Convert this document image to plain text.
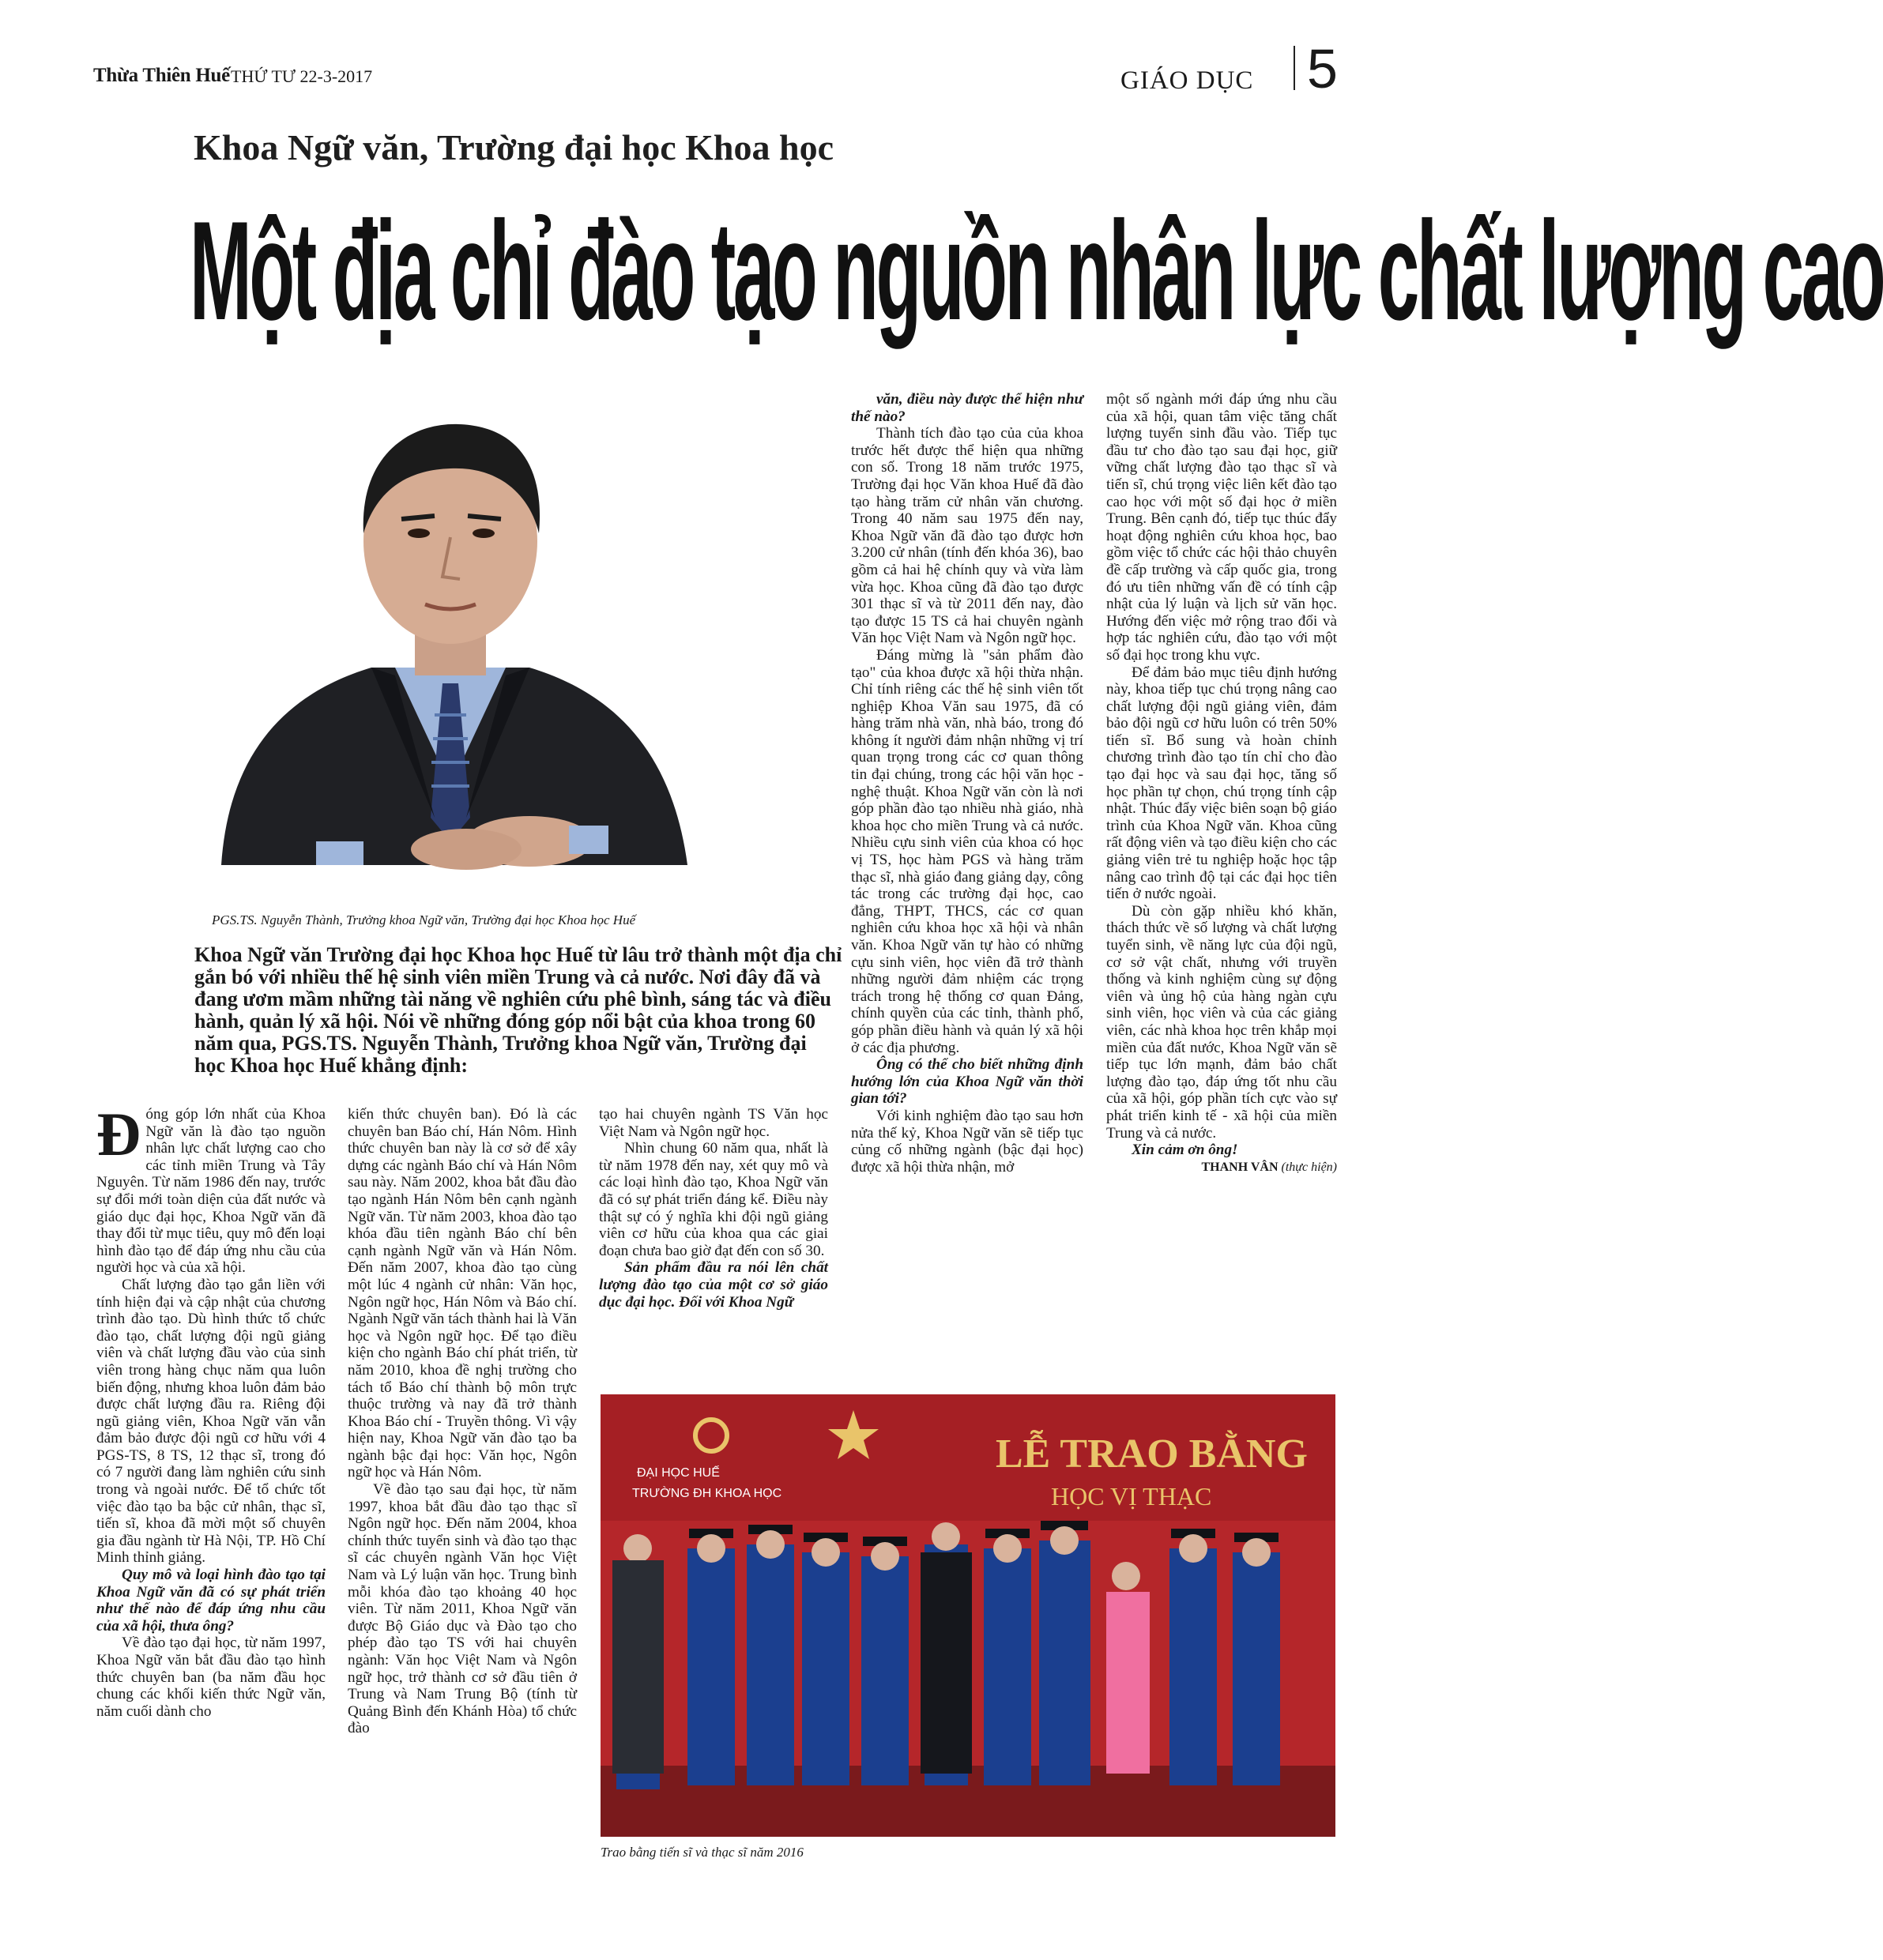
Thừa Thiên Huế THỨ TƯ 22-3-2017	GIÁO DỤC 5
Khoa Ngữ văn, Trường đại học Khoa học
Một địa chỉ đào tạo nguồn nhân lực chất lượng cao
PGS.TS. Nguyễn Thành, Trưởng khoa Ngữ văn, Trường đại học Khoa học Huế
Khoa Ngữ văn Trường đại học Khoa học Huế từ lâu trở thành một địa chỉ gắn bó với nhiều thế hệ sinh viên miền Trung và cả nước. Nơi đây đã và đang ươm mầm những tài năng về nghiên cứu phê bình, sáng tác và điều hành, quản lý xã hội. Nói về những đóng góp nổi bật của khoa trong 60 năm qua, PGS.TS. Nguyễn Thành, Trưởng khoa Ngữ văn, Trường đại học Khoa học Huế khẳng định:

Đóng góp lớn nhất của Khoa Ngữ văn là đào tạo nguồn nhân lực chất lượng cao cho các tỉnh miền Trung và Tây Nguyên. Từ năm 1986 đến nay, trước sự đổi mới toàn diện của đất nước và giáo dục đại học, Khoa Ngữ văn đã thay đổi từ mục tiêu, quy mô đến loại hình đào tạo để đáp ứng nhu cầu của người học và của xã hội.

Chất lượng đào tạo gắn liền với tính hiện đại và cập nhật của chương trình đào tạo. Dù hình thức tổ chức đào tạo, chất lượng đội ngũ giảng viên và chất lượng đầu vào của sinh viên trong hàng chục năm qua luôn biến động, nhưng khoa luôn đảm bảo được chất lượng đầu ra. Riêng đội ngũ giảng viên, Khoa Ngữ văn vẫn đảm bảo được đội ngũ cơ hữu với 4 PGS-TS, 8 TS, 12 thạc sĩ, trong đó có 7 người đang làm nghiên cứu sinh trong và ngoài nước. Để tổ chức tốt việc đào tạo ba bậc cử nhân, thạc sĩ, tiến sĩ, khoa đã mời một số chuyên gia đầu ngành từ Hà Nội, TP. Hồ Chí Minh thỉnh giảng.

Quy mô và loại hình đào tạo tại Khoa Ngữ văn đã có sự phát triển như thế nào để đáp ứng nhu cầu của xã hội, thưa ông?

Về đào tạo đại học, từ năm 1997, Khoa Ngữ văn bắt đầu đào tạo hình thức chuyên ban (ba năm đầu học chung các khối kiến thức Ngữ văn, năm cuối dành cho

kiến thức chuyên ban). Đó là các chuyên ban Báo chí, Hán Nôm. Hình thức chuyên ban này là cơ sở để xây dựng các ngành Báo chí và Hán Nôm sau này. Năm 2002, khoa bắt đầu đào tạo ngành Hán Nôm bên cạnh ngành Ngữ văn. Từ năm 2003, khoa đào tạo khóa đầu tiên ngành Báo chí bên cạnh ngành Ngữ văn và Hán Nôm. Đến năm 2007, khoa đào tạo cùng một lúc 4 ngành cử nhân: Văn học, Ngôn ngữ học, Hán Nôm và Báo chí. Ngành Ngữ văn tách thành hai là Văn học và Ngôn ngữ học. Để tạo điều kiện cho ngành Báo chí phát triển, từ năm 2010, khoa đề nghị trường cho tách tổ Báo chí thành bộ môn trực thuộc trường và nay đã trở thành Khoa Báo chí - Truyền thông. Vì vậy hiện nay, Khoa Ngữ văn đào tạo ba ngành bậc đại học: Văn học, Ngôn ngữ học và Hán Nôm.

Về đào tạo sau đại học, từ năm 1997, khoa bắt đầu đào tạo thạc sĩ Ngôn ngữ học. Đến năm 2004, khoa chính thức tuyển sinh và đào tạo thạc sĩ các chuyên ngành Văn học Việt Nam và Lý luận văn học. Trung bình mỗi khóa đào tạo khoảng 40 học viên. Từ năm 2011, Khoa Ngữ văn được Bộ Giáo dục và Đào tạo cho phép đào tạo TS với hai chuyên ngành: Văn học Việt Nam và Ngôn ngữ học, trở thành cơ sở đầu tiên ở Trung và Nam Trung Bộ (tính từ Quảng Bình đến Khánh Hòa) tổ chức đào

tạo hai chuyên ngành TS Văn học Việt Nam và Ngôn ngữ học.

Nhìn chung 60 năm qua, nhất là từ năm 1978 đến nay, xét quy mô và các loại hình đào tạo, Khoa Ngữ văn đã có sự phát triển đáng kể. Điều này thật sự có ý nghĩa khi đội ngũ giảng viên cơ hữu của khoa qua các giai đoạn chưa bao giờ đạt đến con số 30.

Sản phẩm đầu ra nói lên chất lượng đào tạo của một cơ sở giáo dục đại học. Đối với Khoa Ngữ

văn, điều này được thể hiện như thế nào?

Thành tích đào tạo của của khoa trước hết được thể hiện qua những con số. Trong 18 năm trước 1975, Trường đại học Văn khoa Huế đã đào tạo hàng trăm cử nhân văn chương. Trong 40 năm sau 1975 đến nay, Khoa Ngữ văn đã đào tạo được hơn 3.200 cử nhân (tính đến khóa 36), bao gồm cả hai hệ chính quy và vừa làm vừa học. Khoa cũng đã đào tạo được 301 thạc sĩ và từ 2011 đến nay, đào tạo được 15 TS cả hai chuyên ngành Văn học Việt Nam và Ngôn ngữ học.

Đáng mừng là "sản phẩm đào tạo" của khoa được xã hội thừa nhận. Chỉ tính riêng các thế hệ sinh viên tốt nghiệp Khoa Văn sau 1975, đã có hàng trăm nhà văn, nhà báo, trong đó không ít người đảm nhận những vị trí quan trọng trong các cơ quan thông tin đại chúng, trong các hội văn học - nghệ thuật. Khoa Ngữ văn còn là nơi góp phần đào tạo nhiều nhà giáo, nhà khoa học cho miền Trung và cả nước. Nhiều cựu sinh viên của khoa có học vị TS, học hàm PGS và hàng trăm thạc sĩ, nhà giáo đang giảng dạy, công tác trong các trường đại học, cao đẳng, THPT, THCS, các cơ quan nghiên cứu khoa học xã hội và nhân văn. Khoa Ngữ văn tự hào có những cựu sinh viên, học viên đã trở thành những người đảm nhiệm các trọng trách trong hệ thống cơ quan Đảng, chính quyền của các tỉnh, thành phố, góp phần điều hành và quản lý xã hội ở các địa phương.

Ông có thể cho biết những định hướng lớn của Khoa Ngữ văn thời gian tới?

Với kinh nghiệm đào tạo sau hơn nửa thế kỷ, Khoa Ngữ văn sẽ tiếp tục củng cố những ngành (bậc đại học) được xã hội thừa nhận, mở

một số ngành mới đáp ứng nhu cầu của xã hội, quan tâm việc tăng chất lượng tuyển sinh đầu vào. Tiếp tục đầu tư cho đào tạo sau đại học, giữ vững chất lượng đào tạo thạc sĩ và tiến sĩ, chú trọng việc liên kết đào tạo cao học với một số đại học ở miền Trung. Bên cạnh đó, tiếp tục thúc đẩy hoạt động nghiên cứu khoa học, bao gồm việc tổ chức các hội thảo chuyên đề cấp trường và cấp quốc gia, trong đó ưu tiên những vấn đề có tính cập nhật của lý luận và lịch sử văn học. Hướng đến việc mở rộng trao đổi và hợp tác nghiên cứu, đào tạo với một số đại học trong khu vực.

Để đảm bảo mục tiêu định hướng này, khoa tiếp tục chú trọng nâng cao chất lượng đội ngũ giảng viên, đảm bảo đội ngũ cơ hữu luôn có trên 50% tiến sĩ. Bổ sung và hoàn chỉnh chương trình đào tạo tín chỉ cho đào tạo đại học và sau đại học, tăng số học phần tự chọn, chú trọng tính cập nhật. Thúc đẩy việc biên soạn bộ giáo trình của Khoa Ngữ văn. Khoa cũng rất động viên và tạo điều kiện cho các giảng viên trẻ tu nghiệp hoặc học tập nâng cao trình độ tại các đại học tiên tiến ở nước ngoài.

Dù còn gặp nhiều khó khăn, thách thức về số lượng và chất lượng tuyển sinh, về năng lực của đội ngũ, cơ sở vật chất, nhưng với truyền thống và kinh nghiệm cùng sự động viên và ủng hộ của hàng ngàn cựu sinh viên, học viên và của các giảng viên, các nhà khoa học trên khắp mọi miền của đất nước, Khoa Ngữ văn sẽ tiếp tục lớn mạnh, đảm bảo chất lượng đào tạo, đáp ứng tốt nhu cầu của xã hội, góp phần tích cực vào sự phát triển kinh tế - xã hội của miền Trung và cả nước.

Xin cảm ơn ông!

THANH VÂN (thực hiện)

ĐẠI HỌC HUẾ
TRƯỜNG ĐH KHOA HỌC
LỄ TRAO BẰNG
HỌC VỊ THẠC
Trao bằng tiến sĩ và thạc sĩ năm 2016
